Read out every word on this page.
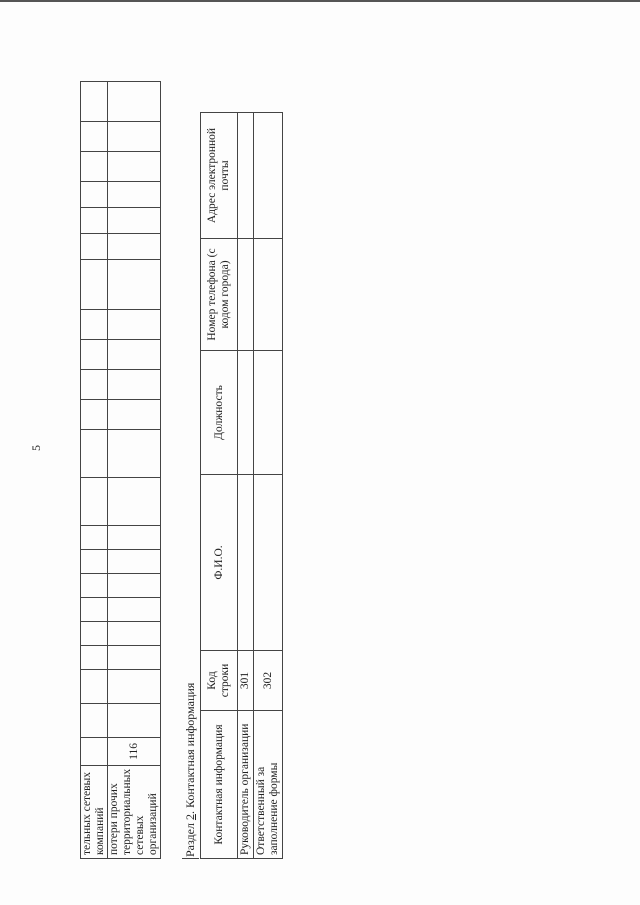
5
тельных сетевых компаний																						
потери прочих территориальных сетевых организаций	116																					
Раздел 2. Контактная информация Контактная информация	Код строки	Ф.И.О.	Должность	Номер телефона (с кодом города)	Адрес электронной почты
Руководитель организации	301				
Ответственный за заполнение формы	302				
